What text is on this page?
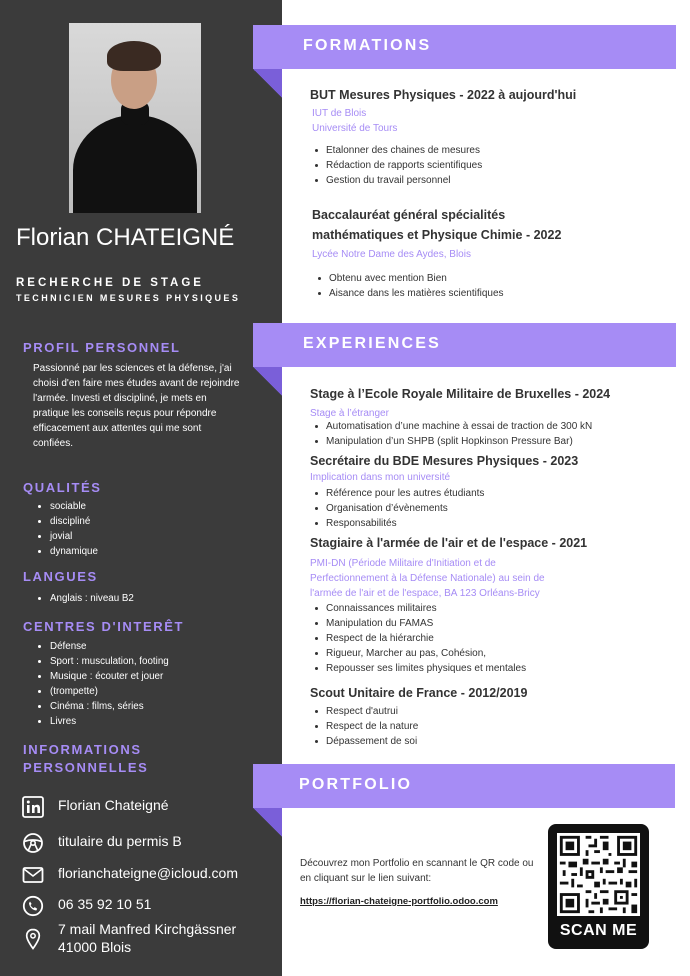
Florian CHATEIGNÉ
RECHERCHE DE STAGE
TECHNICIEN MESURES PHYSIQUES
PROFIL PERSONNEL
Passionné par les sciences et la défense, j'ai choisi d'en faire mes études avant de rejoindre l'armée. Investi et discipliné, je mets en pratique les conseils reçus pour répondre efficacement aux attentes qui me sont confiées.
QUALITÉS
sociable
discipliné
jovial
dynamique
LANGUES
Anglais : niveau B2
CENTRES D'INTERÊT
Défense
Sport : musculation, footing
Musique : écouter et jouer
(trompette)
Cinéma : films, séries
Livres
INFORMATIONS
PERSONNELLES
Florian Chateigné
titulaire du permis B
florianchateigne@icloud.com
06 35 92 10 51
7 mail Manfred Kirchgässner
41000 Blois
FORMATIONS
BUT Mesures Physiques - 2022 à aujourd'hui
IUT de Blois
Université de Tours
Etalonner des chaines de mesures
Rédaction de rapports scientifiques
Gestion du travail personnel
Baccalauréat général spécialités
mathématiques et Physique Chimie - 2022
Lycée Notre Dame des Aydes, Blois
Obtenu avec mention Bien
Aisance dans les matières scientifiques
EXPERIENCES
Stage à l’Ecole Royale Militaire de Bruxelles - 2024
Stage à l’étranger
Automatisation d’une machine à essai de traction de 300 kN
Manipulation d’un SHPB (split Hopkinson Pressure Bar)
Secrétaire du BDE Mesures Physiques - 2023
Implication dans mon université
Référence pour les autres étudiants
Organisation d’évènements
Responsabilités
Stagiaire à l'armée de l'air et de l'espace - 2021
PMI-DN (Période Militaire d'Initiation et de
Perfectionnement à la Défense Nationale) au sein de
l'armée de l'air et de l'espace, BA 123 Orléans-Bricy
Connaissances militaires
Manipulation du FAMAS
Respect de la hiérarchie
Rigueur, Marcher au pas, Cohésion,
Repousser ses limites physiques et mentales
Scout Unitaire de France - 2012/2019
Respect d'autrui
Respect de la nature
Dépassement de soi
PORTFOLIO
Découvrez mon Portfolio en scannant le QR code ou en cliquant sur le lien suivant:
https://florian-chateigne-portfolio.odoo.com
SCAN ME
